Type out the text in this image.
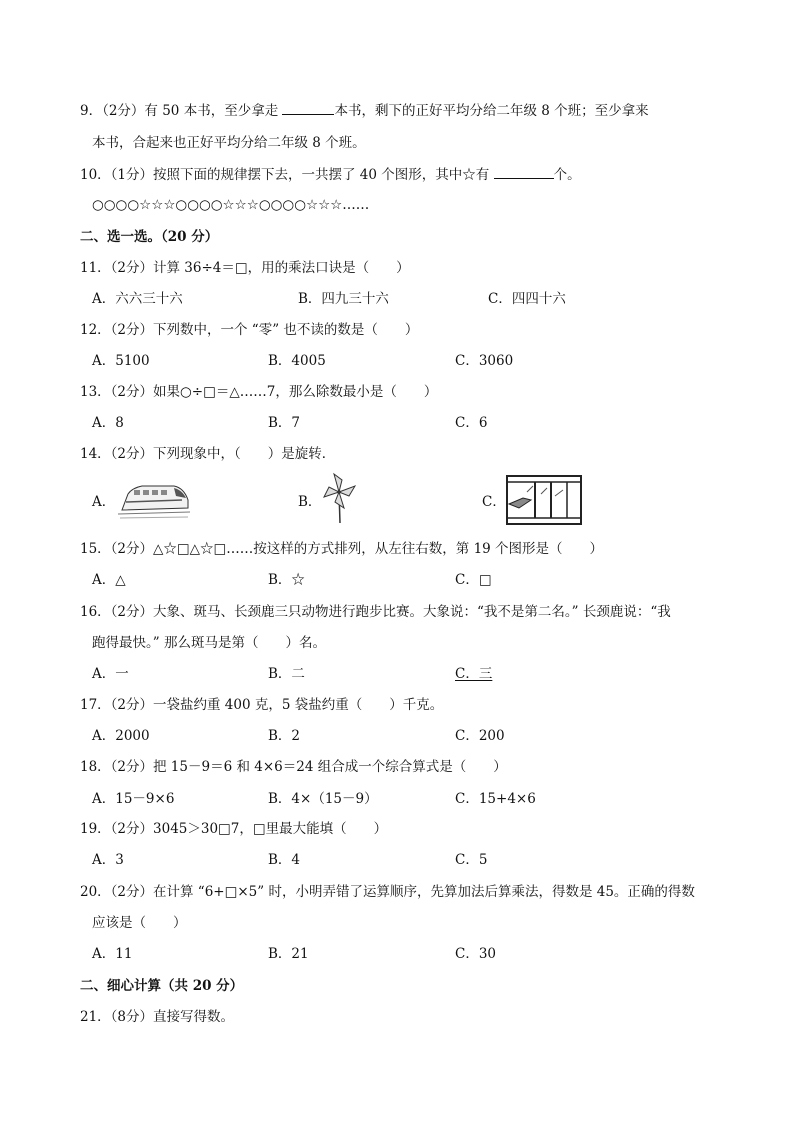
9．（2分）有 50 本书，至少拿走	本书，剩下的正好平均分给二年级 8 个班；至少拿来
本书，合起来也正好平均分给二年级 8 个班。
10．（1分）按照下面的规律摆下去，一共摆了 40 个图形，其中☆有	个。
○○○○☆☆☆○○○○☆☆☆○○○○☆☆☆……
二、选一选。（20 分）
11．（2分）计算 36÷4＝□，用的乘法口诀是（　　）
A．六六三十六	B．四九三十六	C．四四十六
12．（2分）下列数中，一个 “零” 也不读的数是（　　）
A．5100	B．4005	C．3060
13．（2分）如果○÷□＝△……7，那么除数最小是（　　）
A．8	B．7	C．6
14．（2分）下列现象中，（　　）是旋转．
A．	B．	C．
15．（2分）△☆□△☆□……按这样的方式排列，从左往右数，第 19 个图形是（　　）
A．△	B．☆	C．□
16．（2分）大象、斑马、长颈鹿三只动物进行跑步比赛。大象说：“我不是第二名。” 长颈鹿说：“我
跑得最快。” 那么斑马是第（　　）名。
A．一	B．二	C．三
17．（2分）一袋盐约重 400 克，5 袋盐约重（　　）千克。
A．2000	B．2	C．200
18．（2分）把 15－9＝6 和 4×6＝24 组合成一个综合算式是（　　）
A．15－9×6	B．4×（15－9）	C．15+4×6
19．（2分）3045＞30□7，□里最大能填（　　）
A．3	B．4	C．5
20．（2分）在计算 “6+□×5” 时，小明弄错了运算顺序，先算加法后算乘法，得数是 45。正确的得数
应该是（　　）
A．11	B．21	C．30
二、细心计算（共 20 分）
21．（8分）直接写得数。
